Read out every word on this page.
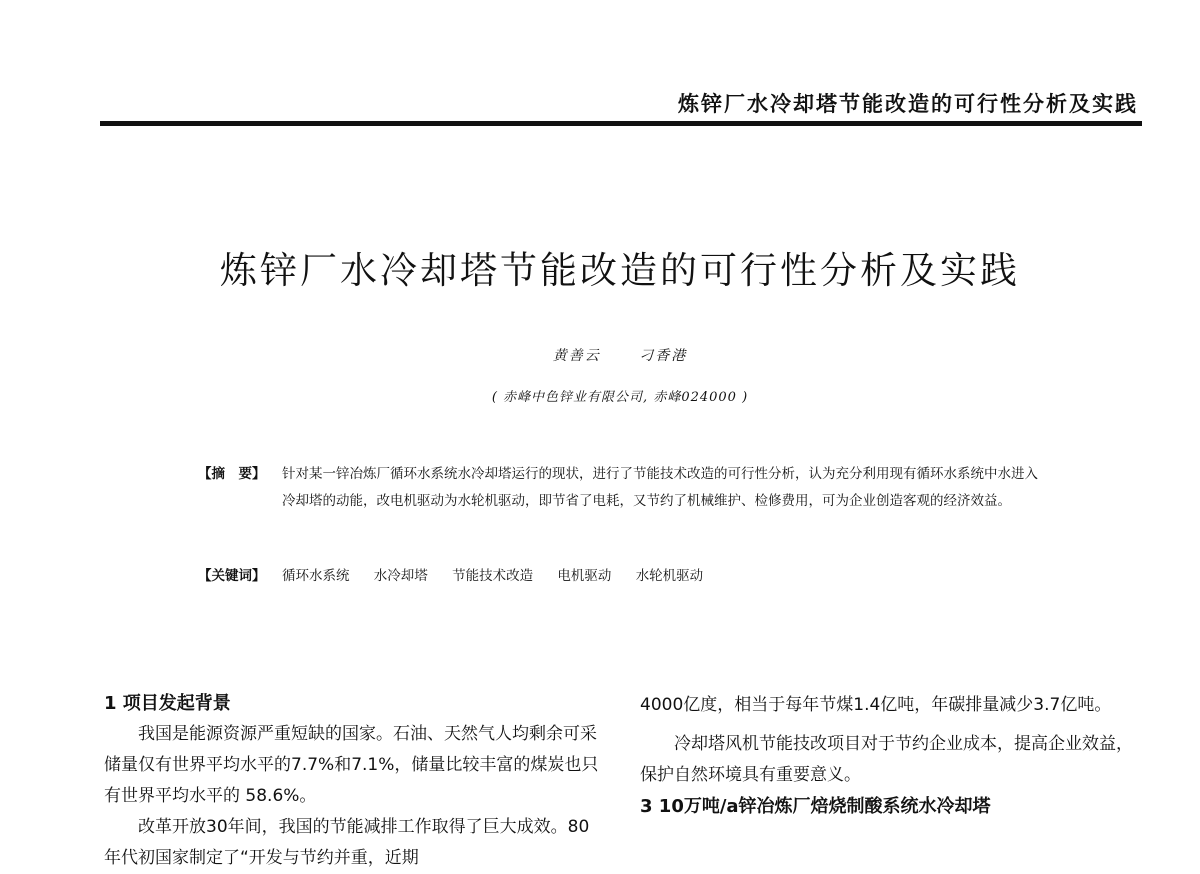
炼锌厂水冷却塔节能改造的可行性分析及实践
炼锌厂水冷却塔节能改造的可行性分析及实践
黄善云	刁香港
( 赤峰中色锌业有限公司, 赤峰024000 )
【摘　要】	针对某一锌冶炼厂循环水系统水冷却塔运行的现状，进行了节能技术改造的可行性分析，认为充分利用现有循环水系统中水进入冷却塔的动能，改电机驱动为水轮机驱动，即节省了电耗，又节约了机械维护、检修费用，可为企业创造客观的经济效益。
【关键词】	循环水系统 水冷却塔 节能技术改造 电机驱动 水轮机驱动

1 项目发起背景

我国是能源资源严重短缺的国家。石油、天然气人均剩余可采储量仅有世界平均水平的7.7%和7.1%，储量比较丰富的煤炭也只有世界平均水平的 58.6%。

改革开放30年间，我国的节能减排工作取得了巨大成效。80年代初国家制定了“开发与节约并重，近期

4000亿度，相当于每年节煤1.4亿吨，年碳排量减少3.7亿吨。

冷却塔风机节能技改项目对于节约企业成本，提高企业效益，保护自然环境具有重要意义。

3 10万吨/a锌冶炼厂焙烧制酸系统水冷却塔
